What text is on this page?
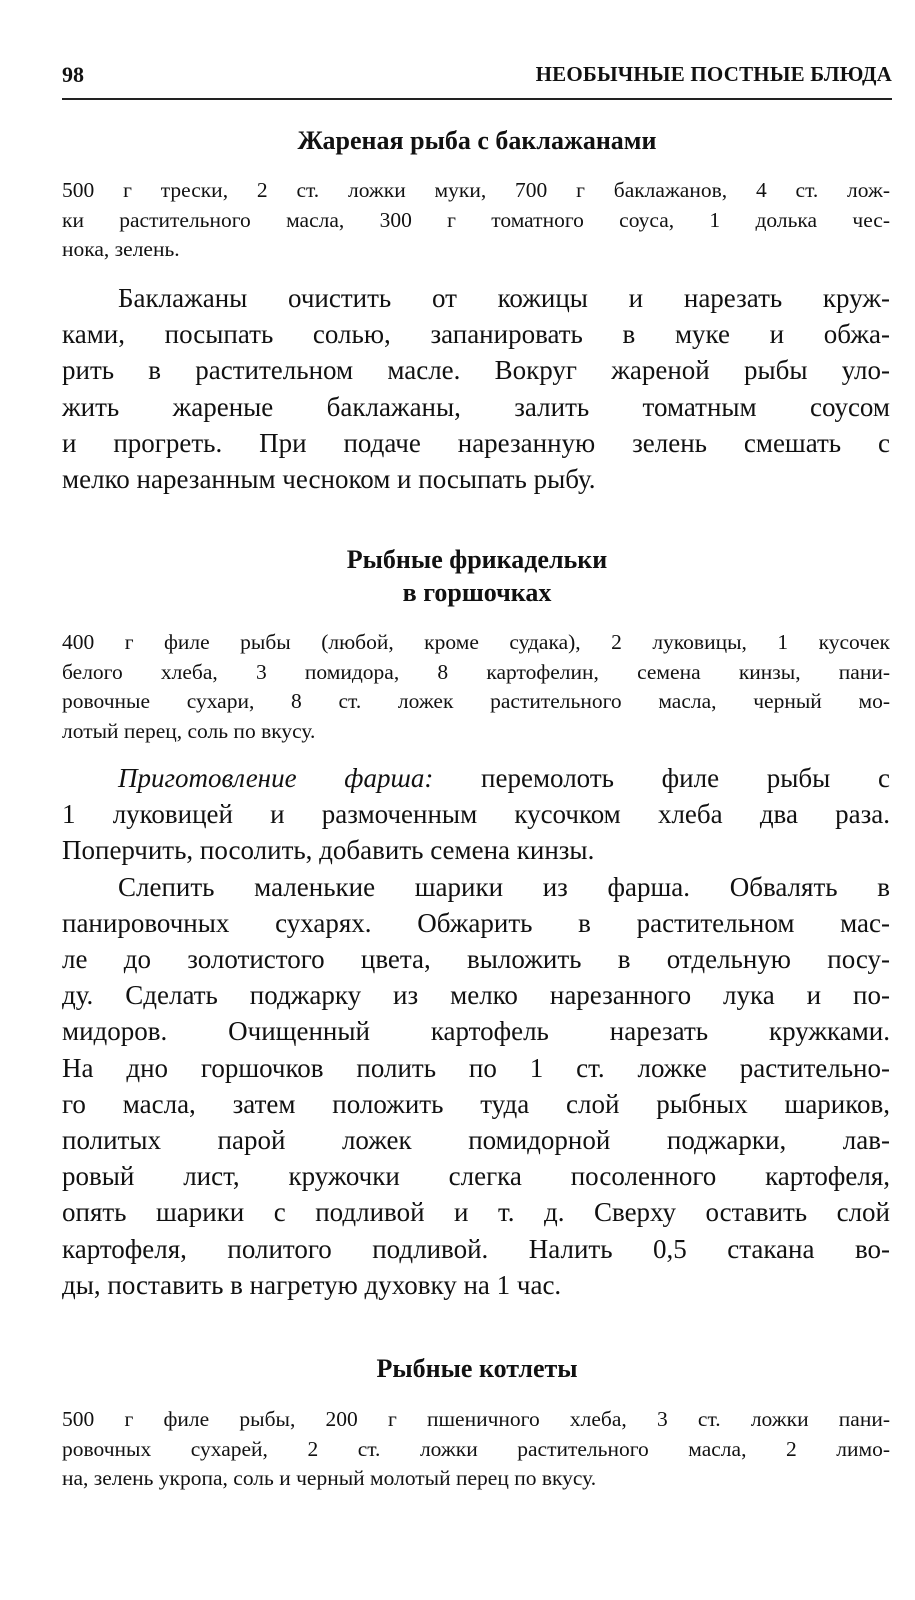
98	НЕОБЫЧНЫЕ ПОСТНЫЕ БЛЮДА
Жареная рыба с баклажанами
500 г трески, 2 ст. ложки муки, 700 г баклажанов, 4 ст. лож-
ки растительного масла, 300 г томатного соуса, 1 долька чес-
нока, зелень.
Баклажаны очистить от кожицы и нарезать круж-
ками, посыпать солью, запанировать в муке и обжа-
рить в растительном масле. Вокруг жареной рыбы уло-
жить жареные баклажаны, залить томатным соусом
и прогреть. При подаче нарезанную зелень смешать с
мелко нарезанным чесноком и посыпать рыбу.
Рыбные фрикадельки
в горшочках
400 г филе рыбы (любой, кроме судака), 2 луковицы, 1 кусочек
белого хлеба, 3 помидора, 8 картофелин, семена кинзы, пани-
ровочные сухари, 8 ст. ложек растительного масла, черный мо-
лотый перец, соль по вкусу.
Приготовление фарша: перемолоть филе рыбы с
1 луковицей и размоченным кусочком хлеба два раза.
Поперчить, посолить, добавить семена кинзы.
Слепить маленькие шарики из фарша. Обвалять в
панировочных сухарях. Обжарить в растительном мас-
ле до золотистого цвета, выложить в отдельную посу-
ду. Сделать поджарку из мелко нарезанного лука и по-
мидоров. Очищенный картофель нарезать кружками.
На дно горшочков полить по 1 ст. ложке растительно-
го масла, затем положить туда слой рыбных шариков,
политых парой ложек помидорной поджарки, лав-
ровый лист, кружочки слегка посоленного картофеля,
опять шарики с подливой и т. д. Сверху оставить слой
картофеля, политого подливой. Налить 0,5 стакана во-
ды, поставить в нагретую духовку на 1 час.
Рыбные котлеты
500 г филе рыбы, 200 г пшеничного хлеба, 3 ст. ложки пани-
ровочных сухарей, 2 ст. ложки растительного масла, 2 лимо-
на, зелень укропа, соль и черный молотый перец по вкусу.
